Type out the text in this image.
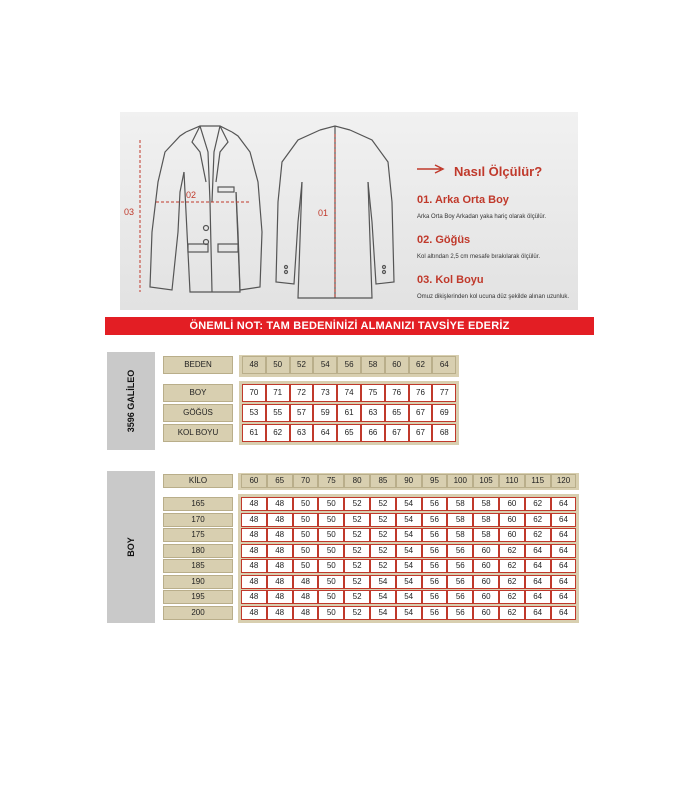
03
02
01
Nasıl Ölçülür?
01. Arka Orta Boy
Arka Orta Boy Arkadan yaka hariç olarak ölçülür.
02. Göğüs
Kol altından 2,5 cm mesafe bırakılarak ölçülür.
03. Kol Boyu
Omuz dikişlerinden kol ucuna düz şekilde alınan uzunluk.
ÖNEMLİ NOT: TAM BEDENİNİZİ ALMANIZI TAVSİYE EDERİZ
3596 GALİLEO
BEDEN	48	50	52	54	56	58	60	62	64
BOY	70	71	72	73	74	75	76	76	77
GÖĞÜS	53	55	57	59	61	63	65	67	69
KOL BOYU	61	62	63	64	65	66	67	67	68
BOY
KİLO	60	65	70	75	80	85	90	95	100	105	110	115	120
165	48	48	50	50	52	52	54	56	58	58	60	62	64
170	48	48	50	50	52	52	54	56	58	58	60	62	64
175	48	48	50	50	52	52	54	56	58	58	60	62	64
180	48	48	50	50	52	52	54	56	56	60	62	64	64
185	48	48	50	50	52	52	54	56	56	60	62	64	64
190	48	48	48	50	52	54	54	56	56	60	62	64	64
195	48	48	48	50	52	54	54	56	56	60	62	64	64
200	48	48	48	50	52	54	54	56	56	60	62	64	64
